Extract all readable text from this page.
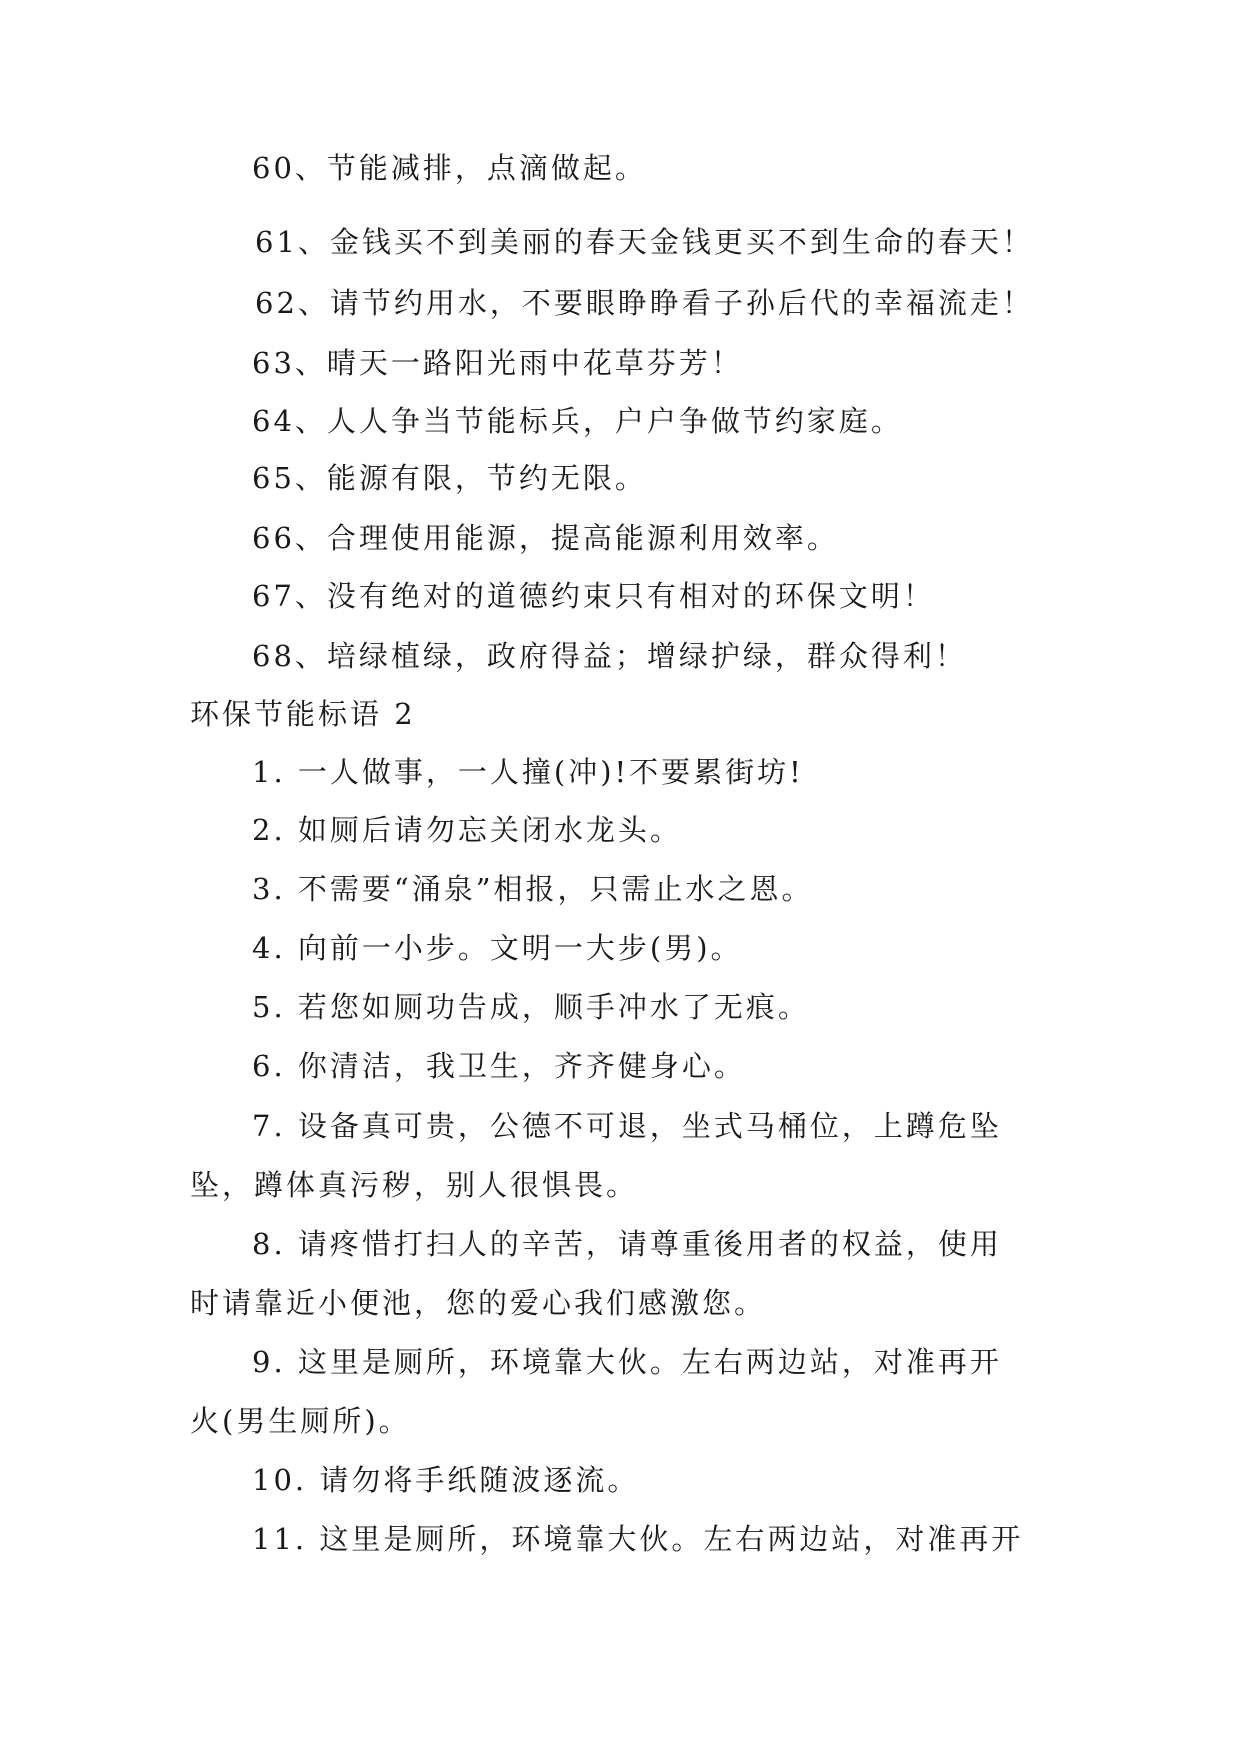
60、节能减排，点滴做起。

61、金钱买不到美丽的春天金钱更买不到生命的春天！

62、请节约用水，不要眼睁睁看子孙后代的幸福流走！

63、晴天一路阳光雨中花草芬芳！

64、人人争当节能标兵，户户争做节约家庭。

65、能源有限，节约无限。

66、合理使用能源，提高能源利用效率。

67、没有绝对的道德约束只有相对的环保文明！

68、培绿植绿，政府得益；增绿护绿，群众得利！

环保节能标语 2

1. 一人做事，一人撞(冲)!不要累街坊!

2. 如厕后请勿忘关闭水龙头。

3. 不需要“涌泉”相报，只需止水之恩。

4. 向前一小步。文明一大步(男)。

5. 若您如厕功告成，顺手冲水了无痕。

6. 你清洁，我卫生，齐齐健身心。

7. 设备真可贵，公德不可退，坐式马桶位，上蹲危坠

坠，蹲体真污秽，别人很惧畏。

8. 请疼惜打扫人的辛苦，请尊重後用者的权益，使用

时请靠近小便池，您的爱心我们感激您。

9. 这里是厕所，环境靠大伙。左右两边站，对准再开

火(男生厕所)。

10. 请勿将手纸随波逐流。

11. 这里是厕所，环境靠大伙。左右两边站，对准再开
